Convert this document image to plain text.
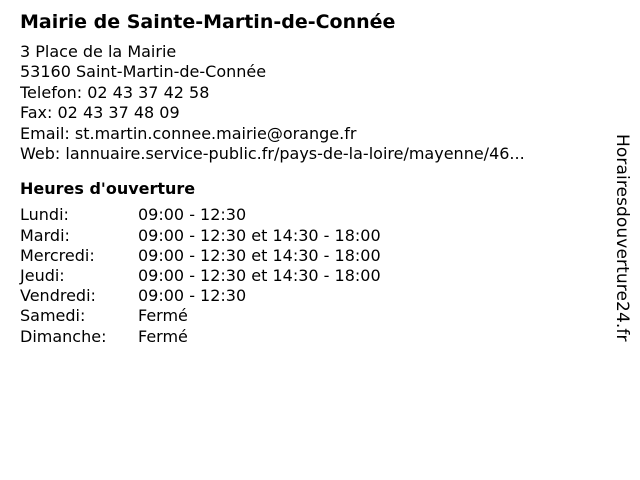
Mairie de Sainte-Martin-de-Connée
3 Place de la Mairie
53160 Saint-Martin-de-Connée
Telefon: 02 43 37 42 58
Fax: 02 43 37 48 09
Email: st.martin.connee.mairie@orange.fr
Web: lannuaire.service-public.fr/pays-de-la-loire/mayenne/46...
Heures d'ouverture
Lundi:	09:00 - 12:30
Mardi:	09:00 - 12:30 et 14:30 - 18:00
Mercredi:	09:00 - 12:30 et 14:30 - 18:00
Jeudi:	09:00 - 12:30 et 14:30 - 18:00
Vendredi:	09:00 - 12:30
Samedi:	Fermé
Dimanche:	Fermé	Horairesdouverture24.fr
